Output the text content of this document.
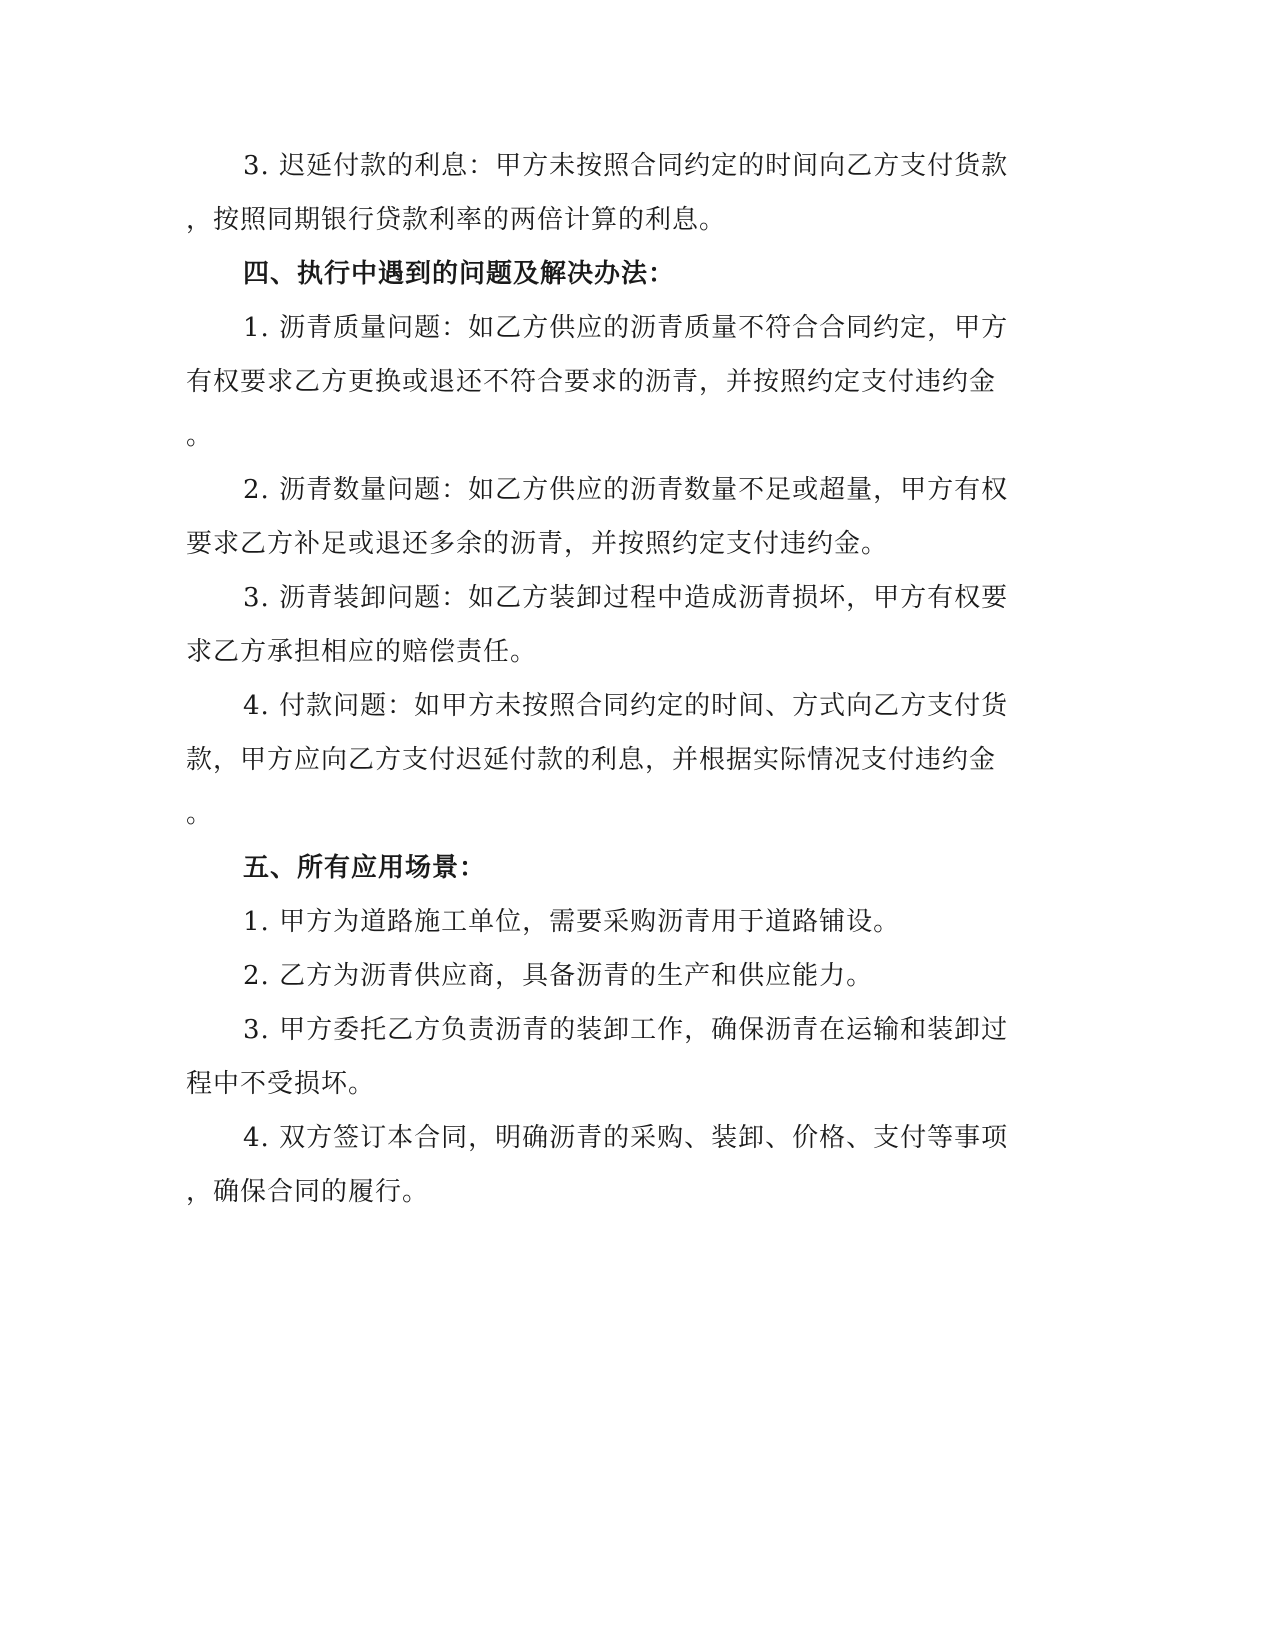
3. 迟延付款的利息：甲方未按照合同约定的时间向乙方支付货款
，按照同期银行贷款利率的两倍计算的利息。
四、执行中遇到的问题及解决办法：
1. 沥青质量问题：如乙方供应的沥青质量不符合合同约定，甲方
有权要求乙方更换或退还不符合要求的沥青，并按照约定支付违约金
。
2. 沥青数量问题：如乙方供应的沥青数量不足或超量，甲方有权
要求乙方补足或退还多余的沥青，并按照约定支付违约金。
3. 沥青装卸问题：如乙方装卸过程中造成沥青损坏，甲方有权要
求乙方承担相应的赔偿责任。
4. 付款问题：如甲方未按照合同约定的时间、方式向乙方支付货
款，甲方应向乙方支付迟延付款的利息，并根据实际情况支付违约金
。
五、所有应用场景：
1. 甲方为道路施工单位，需要采购沥青用于道路铺设。
2. 乙方为沥青供应商，具备沥青的生产和供应能力。
3. 甲方委托乙方负责沥青的装卸工作，确保沥青在运输和装卸过
程中不受损坏。
4. 双方签订本合同，明确沥青的采购、装卸、价格、支付等事项
，确保合同的履行。
